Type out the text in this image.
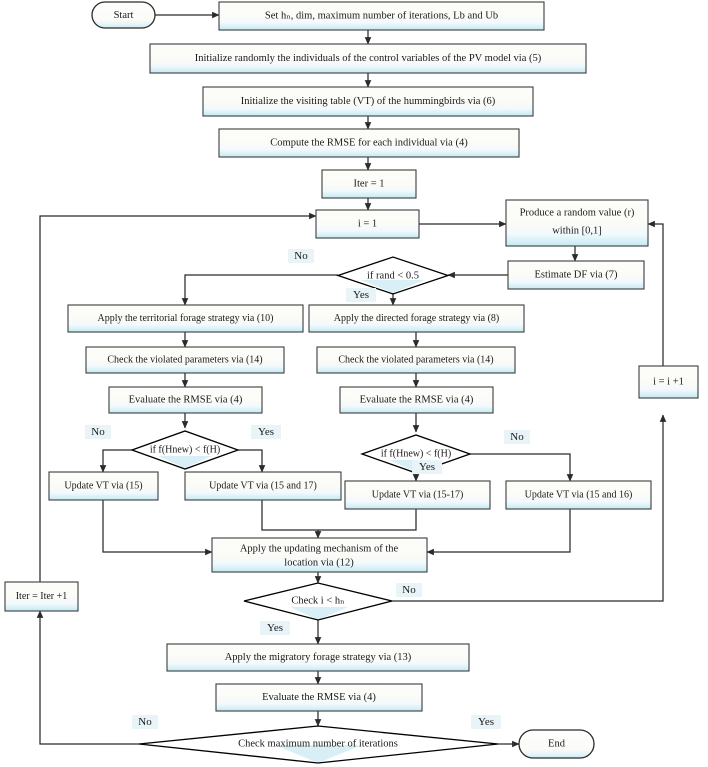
Start	Set hₙ, dim, maximum number of iterations, Lb and Ub
Initialize randomly the individuals of the control variables of the PV model via (5)
Initialize the visiting table (VT) of the hummingbirds via (6)
Compute the RMSE for each individual via (4)
Iter = 1
i = 1
Produce a random value (r)
within [0,1]
Estimate DF via (7)
if rand < 0.5
Apply the territorial forage strategy via (10)	Apply the directed forage strategy via (8)
Check the violated parameters via (14)	Check the violated parameters via (14)
Evaluate the RMSE via (4)	Evaluate the RMSE via (4)
if f(Hnew) < f(H)	if f(Hnew) < f(H)
Update VT via (15)	Update VT via (15 and 17)
Update VT via (15-17)	Update VT via (15 and 16)
Apply the updating mechanism of the
location via (12)
Check i < hₙ
i = i +1
Iter = Iter +1
Apply the migratory forage strategy via (13)
Evaluate the RMSE via (4)
Check maximum number of iterations	End
No
Yes
No	Yes	No
Yes
No
Yes
No	Yes
